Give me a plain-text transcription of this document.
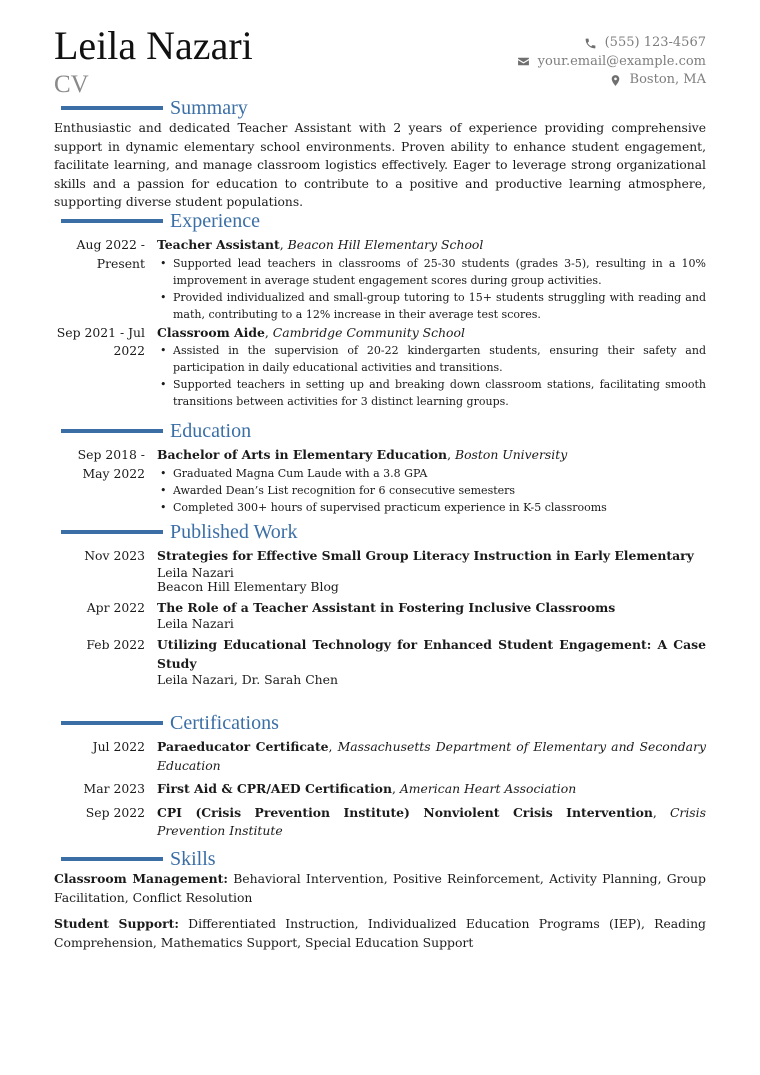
Leila Nazari
CV
(555) 123-4567
your.email@example.com
Boston, MA
Summary
Enthusiastic and dedicated Teacher Assistant with 2 years of experience providing comprehensive support in dynamic elementary school environments. Proven ability to enhance student engagement, facilitate learning, and manage classroom logistics effectively. Eager to leverage strong organizational skills and a passion for education to contribute to a positive and productive learning atmosphere, supporting diverse student populations.
Experience
Aug 2022 - Present
Teacher Assistant, Beacon Hill Elementary School
• Supported lead teachers in classrooms of 25-30 students (grades 3-5), resulting in a 10% improvement in average student engagement scores during group activities.
• Provided individualized and small-group tutoring to 15+ students struggling with reading and math, contributing to a 12% increase in their average test scores.
Sep 2021 - Jul 2022
Classroom Aide, Cambridge Community School
• Assisted in the supervision of 20-22 kindergarten students, ensuring their safety and participation in daily educational activities and transitions.
• Supported teachers in setting up and breaking down classroom stations, facilitating smooth transitions between activities for 3 distinct learning groups.
Education
Sep 2018 - May 2022
Bachelor of Arts in Elementary Education, Boston University
• Graduated Magna Cum Laude with a 3.8 GPA
• Awarded Dean’s List recognition for 6 consecutive semesters
• Completed 300+ hours of supervised practicum experience in K-5 classrooms
Published Work
Nov 2023 Strategies for Effective Small Group Literacy Instruction in Early Elementary
Leila Nazari
Beacon Hill Elementary Blog
Apr 2022 The Role of a Teacher Assistant in Fostering Inclusive Classrooms
Leila Nazari
Feb 2022 Utilizing Educational Technology for Enhanced Student Engagement: A Case Study
Leila Nazari, Dr. Sarah Chen
Certifications
Jul 2022 Paraeducator Certificate, Massachusetts Department of Elementary and Secondary Education
Mar 2023 First Aid & CPR/AED Certification, American Heart Association
Sep 2022 CPI (Crisis Prevention Institute) Nonviolent Crisis Intervention, Crisis Prevention Institute
Skills
Classroom Management: Behavioral Intervention, Positive Reinforcement, Activity Planning, Group Facilitation, Conflict Resolution
Student Support: Differentiated Instruction, Individualized Education Programs (IEP), Reading Comprehension, Mathematics Support, Special Education Support
